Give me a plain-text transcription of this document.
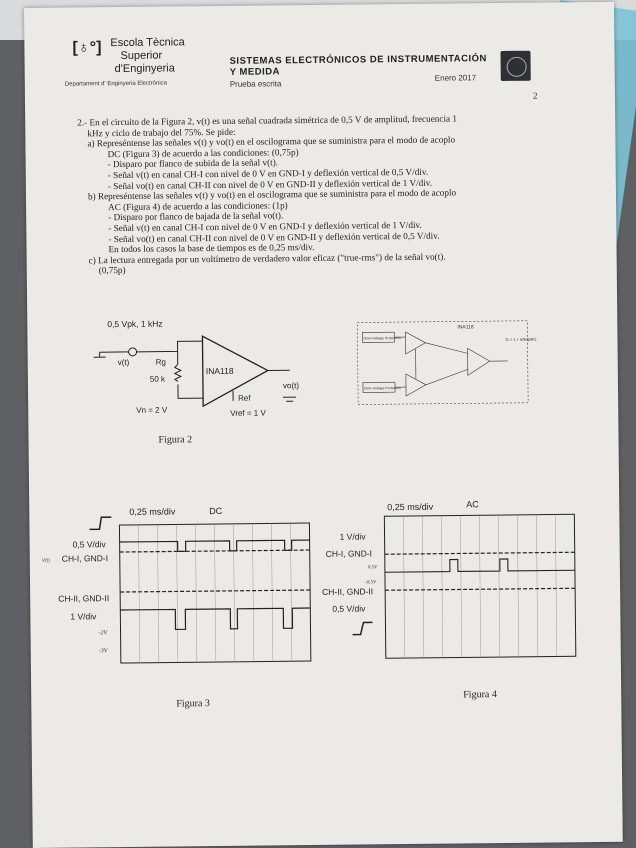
[♁°] Escola Tècnica
Superior
d'Enginyeria
Departament d' Enginyeria Electrònica
SISTEMAS ELECTRÓNICOS DE INSTRUMENTACIÓN
Y MEDIDA
Prueba escrita
Enero 2017
2
2.- En el circuito de la Figura 2, v(t) es una señal cuadrada simétrica de 0,5 V de amplitud, frecuencia 1
kHz y ciclo de trabajo del 75%. Se pide:
a) Represéntense las señales v(t) y vo(t) en el oscilograma que se suministra para el modo de acoplo
DC (Figura 3) de acuerdo a las condiciones: (0,75p)
- Disparo por flanco de subida de la señal v(t).
- Señal v(t) en canal CH-I con nivel de 0 V en GND-I y deflexión vertical de 0,5 V/div.
- Señal vo(t) en canal CH-II con nivel de 0 V en GND-II y deflexión vertical de 1 V/div.
b) Represéntense las señales v(t) y vo(t) en el oscilograma que se suministra para el modo de acoplo
AC (Figura 4) de acuerdo a las condiciones: (1p)
- Disparo por flanco de bajada de la señal vo(t).
- Señal v(t) en canal CH-I con nivel de 0 V en GND-I y deflexión vertical de 1 V/div.
- Señal vo(t) en canal CH-II con nivel de 0 V en GND-II y deflexión vertical de 0,5 V/div.
En todos los casos la base de tiempos es de 0,25 ms/div.
c) La lectura entregada por un voltímetro de verdadero valor eficaz ("true-rms") de la señal vo(t).
(0,75p)
0,5 Vpk, 1 kHz
v(t)	Rg
50 k
INA118
vo(t)
Ref
Vn = 2 V	Vref = 1 V
Figura 2
INA118
Over-Voltage Protection
Over-Voltage Protection
G = 1 + 50kΩ/RG
0,25 ms/div	DC
0,5 V/div
V(t) CH-I, GND-I
CH-II, GND-II
1 V/div
-2V
-3V
Figura 3
0,25 ms/div	AC
1 V/div
CH-I, GND-I
0.5V
-0.5V
CH-II, GND-II
0,5 V/div
Figura 4
